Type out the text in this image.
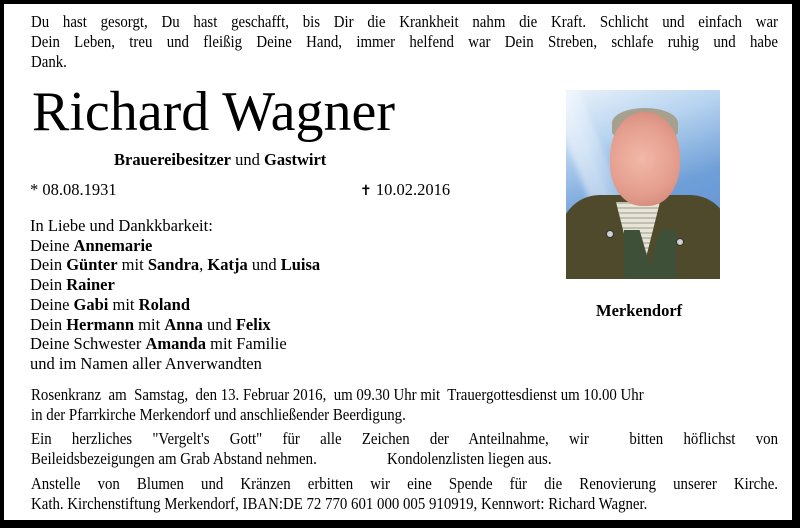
Du hast gesorgt, Du hast geschafft, bis Dir die Krankheit nahm die Kraft. Schlicht und einfach war
Dein Leben, treu und fleißig Deine Hand, immer helfend war Dein Streben, schlafe ruhig und habe
Dank.
Richard Wagner
Brauereibesitzer und Gastwirt
* 08.08.1931	✝ 10.02.2016
In Liebe und Dankkbarkeit:
Deine Annemarie
Dein Günter mit Sandra, Katja und Luisa
Dein Rainer
Deine Gabi mit Roland
Dein Hermann mit Anna und Felix
Deine Schwester Amanda mit Familie
und im Namen aller Anverwandten
Merkendorf
Rosenkranz  am  Samstag,  den 13. Februar 2016,  um 09.30 Uhr mit  Trauergottesdienst um 10.00 Uhr
in der Pfarrkirche Merkendorf und anschließender Beerdigung.
Ein herzliches "Vergelt's Gott" für alle Zeichen der Anteilnahme, wir  bitten höflichst von
Beileidsbezeigungen am Grab Abstand nehmen.	Kondolenzlisten liegen aus.
Anstelle von Blumen und Kränzen erbitten wir eine Spende für die Renovierung unserer Kirche.
Kath. Kirchenstiftung Merkendorf, IBAN:DE 72 770 601 000 005 910919, Kennwort: Richard Wagner.
